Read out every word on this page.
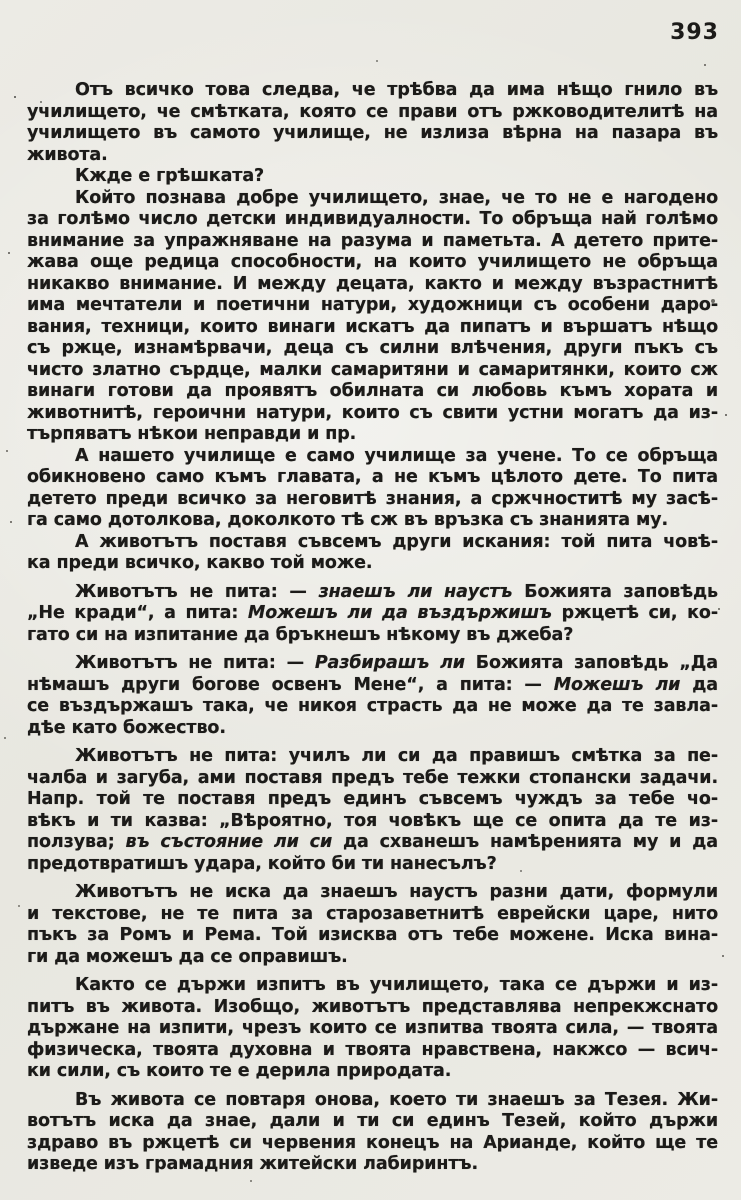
393
Отъ всичко това следва, че трѣбва да има нѣщо гнило въ
училището, че смѣтката, която се прави отъ ржководителитѣ на
училището въ самото училище, не излиза вѣрна на пазара въ
живота.
Кжде е грѣшката?
Който познава добре училището, знае, че то не е нагодено
за голѣмо число детски индивидуалности. То обръща най голѣмо
внимание за упражняване на разума и паметьта. А детето прите-
жава още редица способности, на които училището не обръща
никакво внимание. И между децата, както и между възрастнитѣ
има мечтатели и поетични натури, художници съ особени даро-
вания, техници, които винаги искатъ да пипатъ и вършатъ нѣщо
съ ржце, изнамѣрвачи, деца съ силни влѣчения, други пъкъ съ
чисто златно сърдце, малки самаритяни и самаритянки, които сж
винаги готови да проявятъ обилната си любовь къмъ хората и
животнитѣ, героични натури, които съ свити устни могатъ да из-
търпяватъ нѣкои неправди и пр.
А нашето училище е само училище за учене. То се обръща
обикновено само къмъ главата, а не къмъ цѣлото дете. То пита
детето преди всичко за неговитѣ знания, а сржчноститѣ му засѣ-
га само дотолкова, доколкото тѣ сж въ връзка съ знанията му.
А животътъ поставя съвсемъ други искания: той пита човѣ-
ка преди всичко, какво той може.
Животътъ не пита: — знаешъ ли наустъ Божията заповѣдь
„Не кради“, а пита: Можешъ ли да въздържишъ ржцетѣ си, ко-
гато си на изпитание да бръкнешъ нѣкому въ джеба?
Животътъ не пита: — Разбирашъ ли Божията заповѣдь „Да
нѣмашъ други богове освенъ Мене“, а пита: — Можешъ ли да
се въздържашъ така, че никоя страсть да не може да те завла-
дѣе като божество.
Животътъ не пита: училъ ли си да правишъ смѣтка за пе-
чалба и загуба, ами поставя предъ тебе тежки стопански задачи.
Напр. той те поставя предъ единъ съвсемъ чуждъ за тебе чо-
вѣкъ и ти казва: „Вѣроятно, тоя човѣкъ ще се опита да те из-
ползува; въ състояние ли си да схванешъ намѣренията му и да
предотвратишъ удара, който би ти нанесълъ?
Животътъ не иска да знаешъ наустъ разни дати, формули
и текстове, не те пита за старозаветнитѣ еврейски царе, нито
пъкъ за Ромъ и Рема. Той изисква отъ тебе можене. Иска вина-
ги да можешъ да се оправишъ.
Както се държи изпитъ въ училището, така се държи и из-
питъ въ живота. Изобщо, животътъ представлява непрекжснато
държане на изпити, чрезъ които се изпитва твоята сила, — твоята
физическа, твоята духовна и твоята нравствена, накжсо — всич-
ки сили, съ които те е дерила природата.
Въ живота се повтаря онова, което ти знаешъ за Тезея. Жи-
вотътъ иска да знае, дали и ти си единъ Тезей, който държи
здраво въ ржцетѣ си червения конецъ на Арианде, който ще те
изведе изъ грамадния житейски лабиринтъ.
